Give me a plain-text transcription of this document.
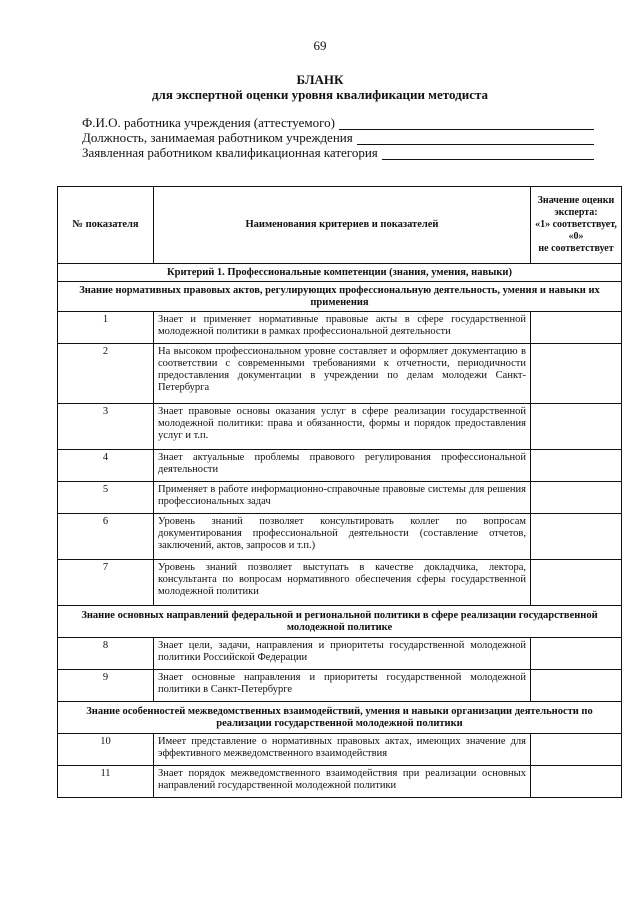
69
БЛАНК
для экспертной оценки уровня квалификации методиста
Ф.И.О. работника учреждения (аттестуемого)
Должность, занимаемая работником учреждения
Заявленная работником квалификационная категория
№ показателя	Наименования критериев и показателей	Значение оценки эксперта:
«1» соответствует,
«0»
не соответствует

Критерий 1. Профессиональные компетенции (знания, умения, навыки)		
Знание нормативных правовых актов, регулирующих профессиональную деятельность, умения и навыки их применения		
1	Знает и применяет нормативные правовые акты в сфере государственной молодежной политики в рамках профессиональной деятельности	
2	На высоком профессиональном уровне составляет и оформляет документацию в соответствии с современными требованиями к отчетности, периодичности предоставления документации в учреждении по делам молодежи Санкт-Петербурга	
3	Знает правовые основы оказания услуг в сфере реализации государственной молодежной политики: права и обязанности, формы и порядок предоставления услуг и т.п.	
4	Знает актуальные проблемы правового регулирования профессиональной деятельности	
5	Применяет в работе информационно-справочные правовые системы для решения профессиональных задач	
6	Уровень знаний позволяет консультировать коллег по вопросам документирования профессиональной деятельности (составление отчетов, заключений, актов, запросов и т.п.)	
7	Уровень знаний позволяет выступать в качестве докладчика, лектора, консультанта по вопросам нормативного обеспечения сферы государственной молодежной политики	
Знание основных направлений федеральной и региональной политики в сфере реализации государственной молодежной политике		
8	Знает цели, задачи, направления и приоритеты государственной молодежной политики Российской Федерации	
9	Знает основные направления и приоритеты государственной молодежной политики в Санкт-Петербурге	
Знание особенностей межведомственных взаимодействий, умения и навыки организации деятельности по реализации государственной молодежной политики		
10	Имеет представление о нормативных правовых актах, имеющих значение для эффективного межведомственного взаимодействия	
11	Знает порядок межведомственного взаимодействия при реализации основных направлений государственной молодежной политики	
